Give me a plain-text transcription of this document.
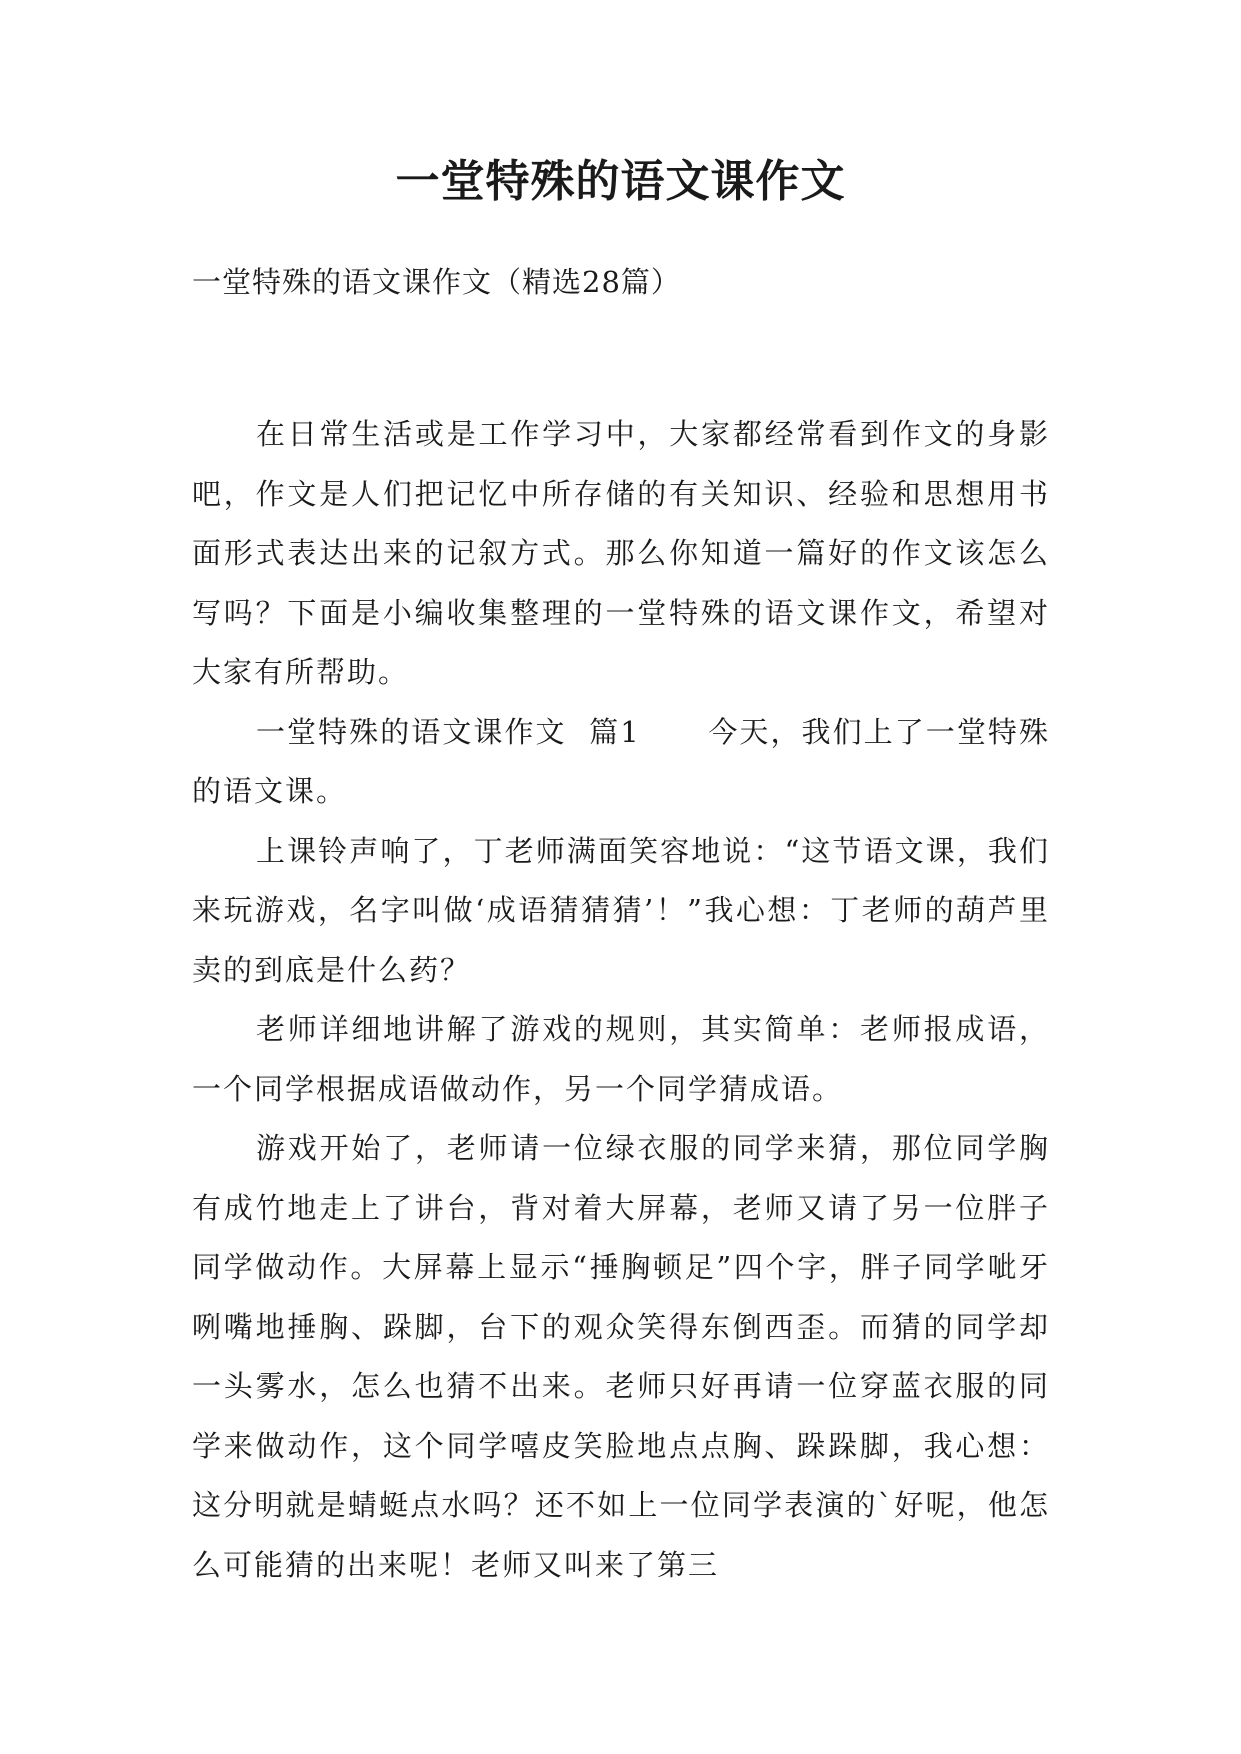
一堂特殊的语文课作文

一堂特殊的语文课作文（精选28篇）

在日常生活或是工作学习中，大家都经常看到作文的身影吧，作文是人们把记忆中所存储的有关知识、经验和思想用书面形式表达出来的记叙方式。那么你知道一篇好的作文该怎么写吗？下面是小编收集整理的一堂特殊的语文课作文，希望对大家有所帮助。

一堂特殊的语文课作文  篇1      今天，我们上了一堂特殊的语文课。

上课铃声响了，丁老师满面笑容地说：“这节语文课，我们来玩游戏，名字叫做‘成语猜猜猜’！”我心想：丁老师的葫芦里卖的到底是什么药？

老师详细地讲解了游戏的规则，其实简单：老师报成语，一个同学根据成语做动作，另一个同学猜成语。

游戏开始了，老师请一位绿衣服的同学来猜，那位同学胸有成竹地走上了讲台，背对着大屏幕，老师又请了另一位胖子同学做动作。大屏幕上显示“捶胸顿足”四个字，胖子同学呲牙咧嘴地捶胸、跺脚，台下的观众笑得东倒西歪。而猜的同学却一头雾水，怎么也猜不出来。老师只好再请一位穿蓝衣服的同学来做动作，这个同学嘻皮笑脸地点点胸、跺跺脚，我心想：这分明就是蜻蜓点水吗？还不如上一位同学表演的`好呢，他怎么可能猜的出来呢！老师又叫来了第三
